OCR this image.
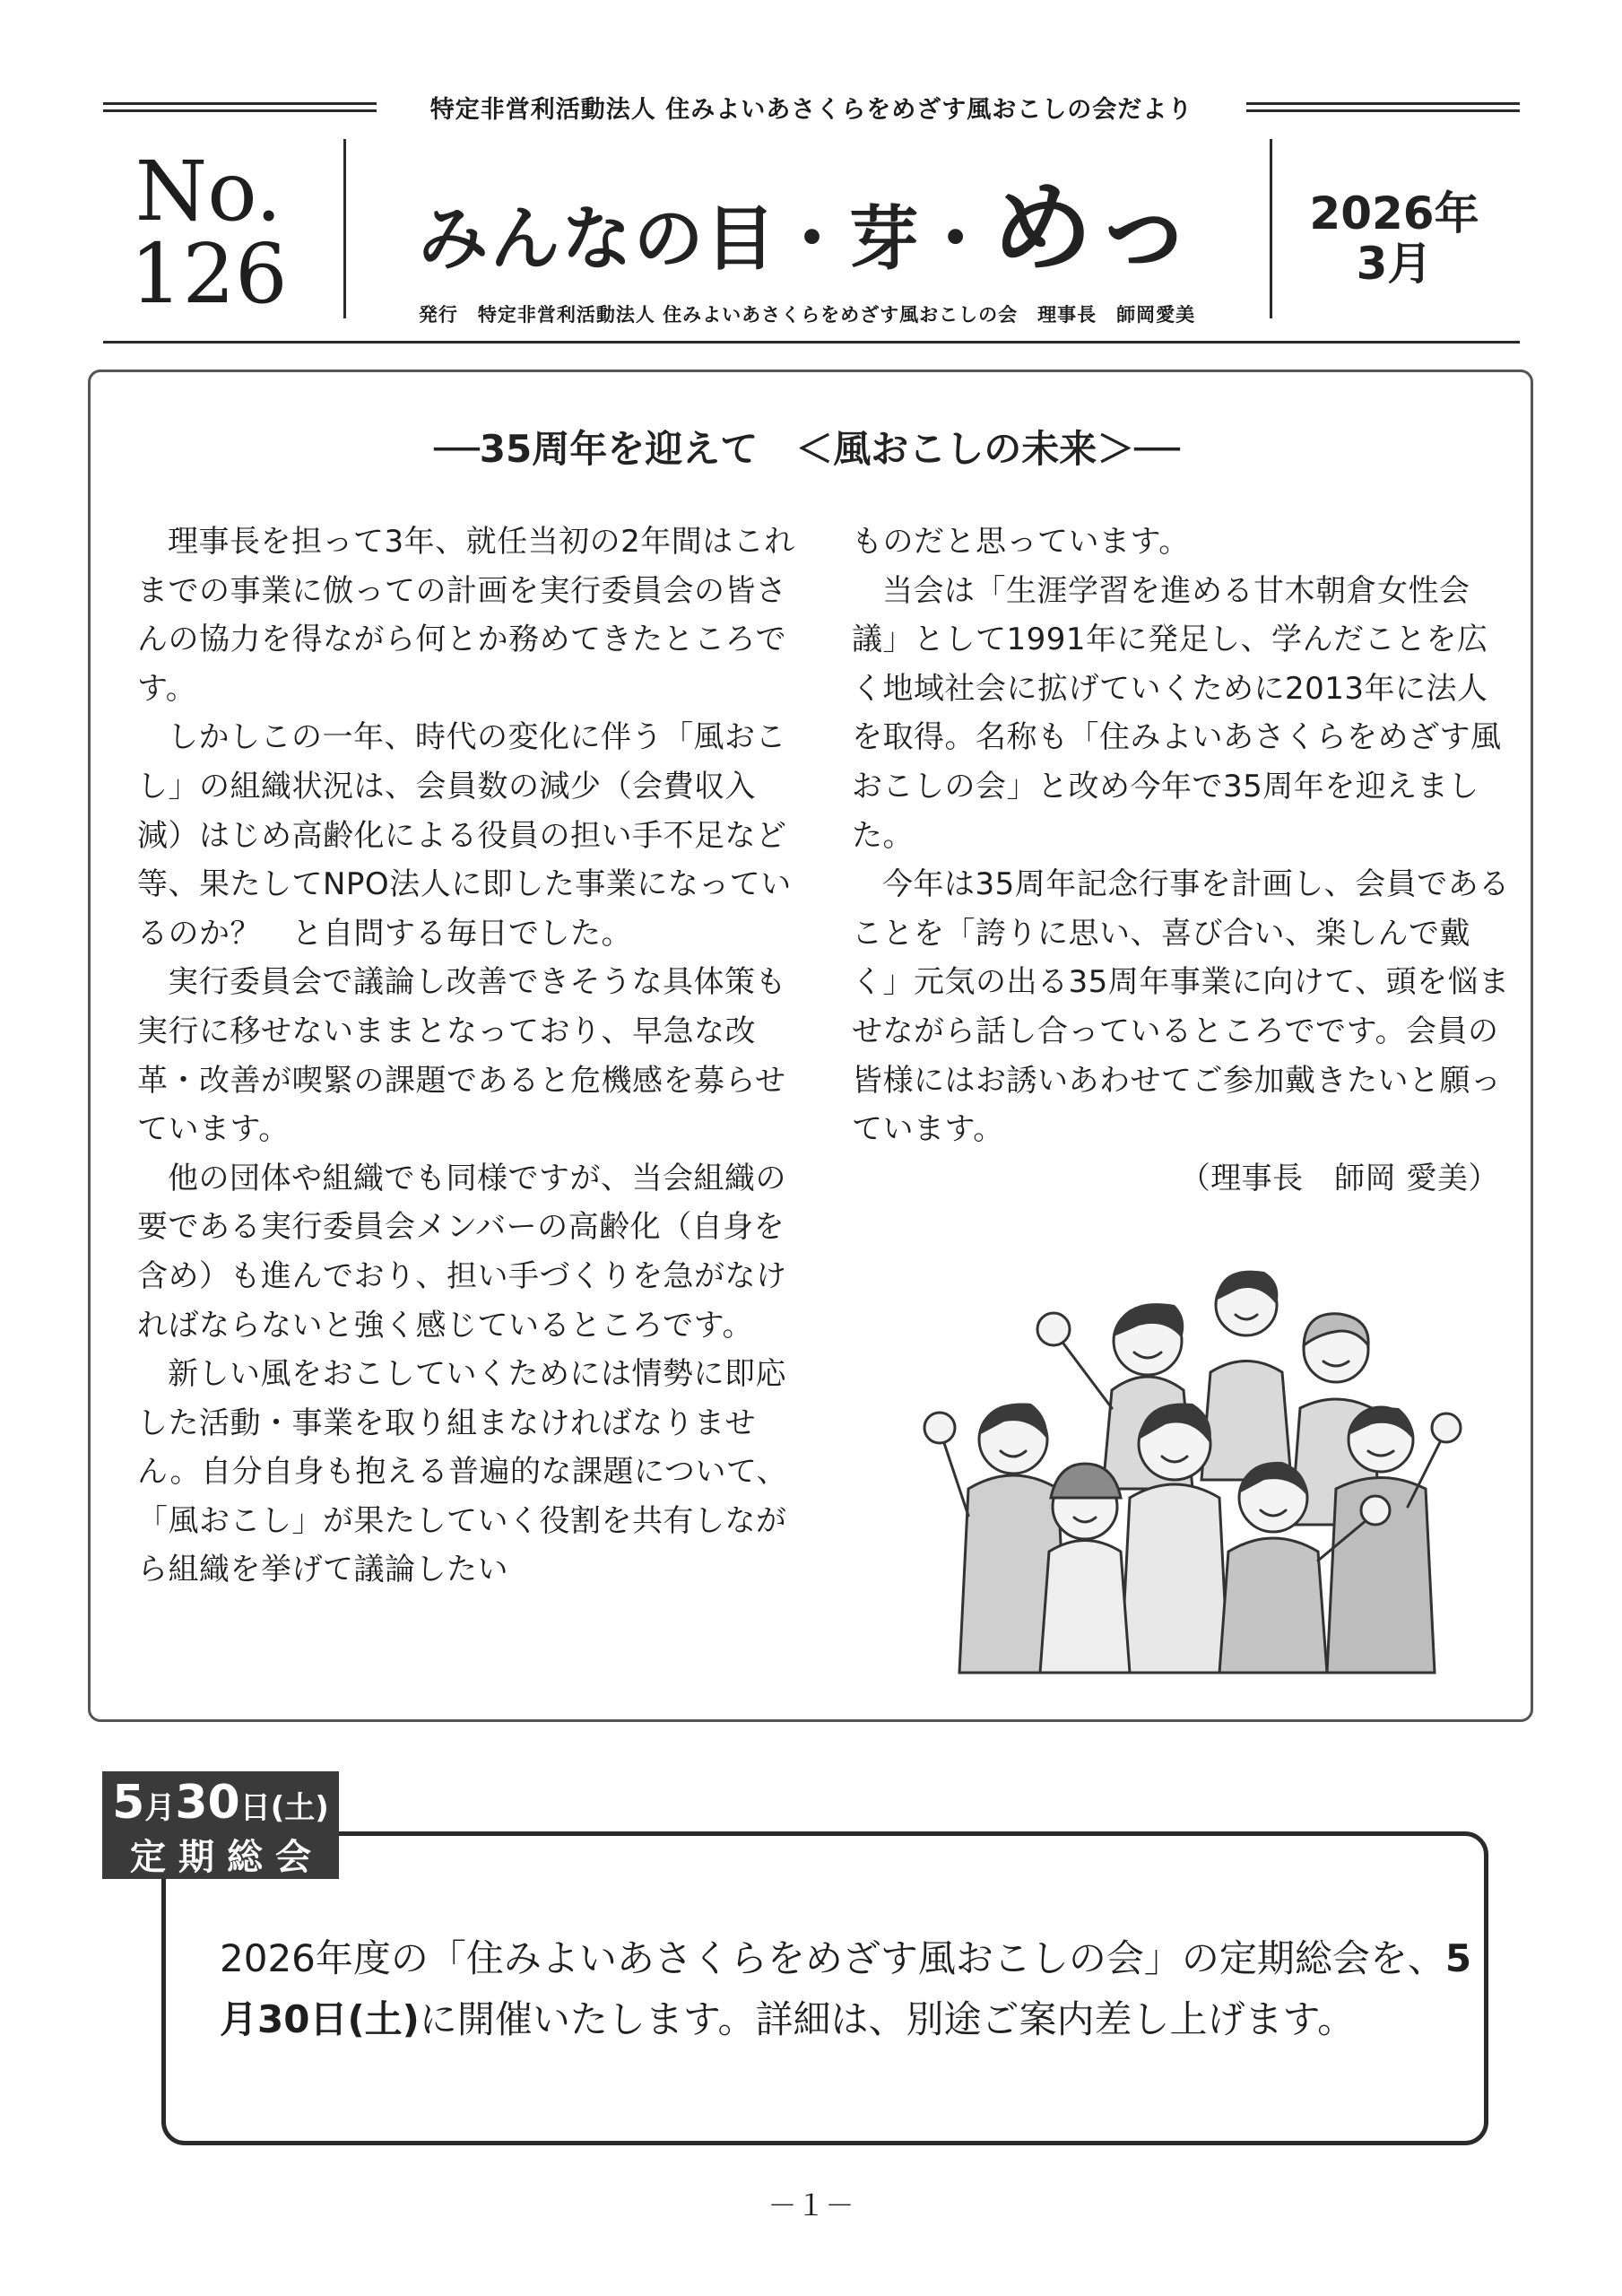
特定非営利活動法人 住みよいあさくらをめざす風おこしの会だより
No.
126	みんなの目・芽・めっ	2026年
3月
発行　特定非営利活動法人 住みよいあさくらをめざす風おこしの会　理事長　師岡愛美
──35周年を迎えて　＜風おこしの未来＞──

理事長を担って3年、就任当初の2年間はこれまでの事業に倣っての計画を実行委員会の皆さんの協力を得ながら何とか務めてきたところです。

しかしこの一年、時代の変化に伴う「風おこし」の組織状況は、会員数の減少（会費収入減）はじめ高齢化による役員の担い手不足など等、果たしてNPO法人に即した事業になっているのか？　と自問する毎日でした。

実行委員会で議論し改善できそうな具体策も実行に移せないままとなっており、早急な改革・改善が喫緊の課題であると危機感を募らせています。

他の団体や組織でも同様ですが、当会組織の要である実行委員会メンバーの高齢化（自身を含め）も進んでおり、担い手づくりを急がなければならないと強く感じているところです。

新しい風をおこしていくためには情勢に即応した活動・事業を取り組まなければなりません。自分自身も抱える普遍的な課題について、「風おこし」が果たしていく役割を共有しながら組織を挙げて議論したい

ものだと思っています。

当会は「生涯学習を進める甘木朝倉女性会議」として1991年に発足し、学んだことを広く地域社会に拡げていくために2013年に法人を取得。名称も「住みよいあさくらをめざす風おこしの会」と改め今年で35周年を迎えました。

今年は35周年記念行事を計画し、会員であることを「誇りに思い、喜び合い、楽しんで戴く」元気の出る35周年事業に向けて、頭を悩ませながら話し合っているところでです。会員の皆様にはお誘いあわせてご参加戴きたいと願っています。

（理事長　師岡 愛美）

5月30日(土)
定期総会
2026年度の「住みよいあさくらをめざす風おこしの会」の定期総会を、5月30日(土)に開催いたします。詳細は、別途ご案内差し上げます。
－１－
